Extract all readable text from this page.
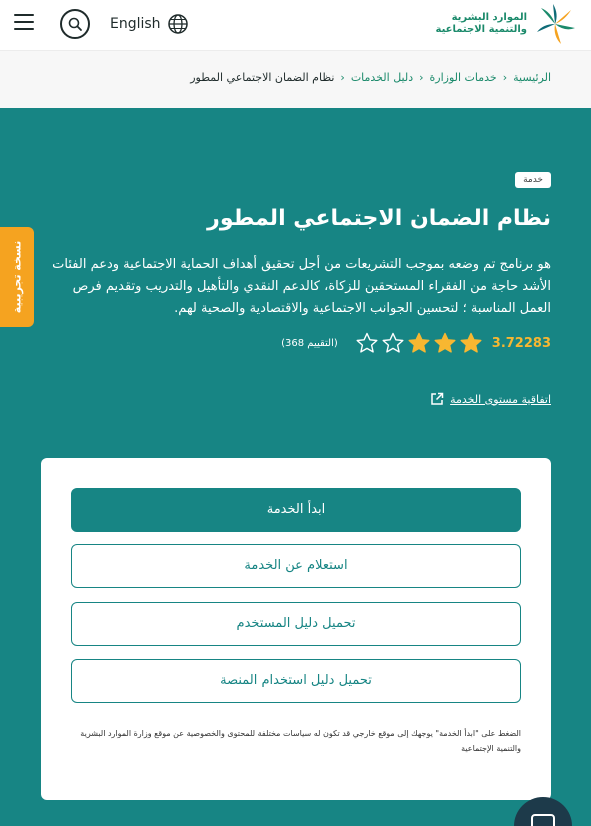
English	الموارد البشرية
والتنمية الاجتماعية
الرئيسية
‹
خدمات الوزارة
‹
دليل الخدمات
‹
نظام الضمان الاجتماعي المطور
خدمة
نظام الضمان الاجتماعي المطور

هو برنامج تم وضعه بموجب التشريعات من أجل تحقيق أهداف الحماية الاجتماعية ودعم الفئات الأشد حاجة من الفقراء المستحقين للزكاة، كالدعم النقدي والتأهيل والتدريب وتقديم فرص العمل المناسبة ؛ لتحسين الجوانب الاجتماعية والاقتصادية والصحية لهم.

3.72283
(التقييم 368)
اتفاقية مستوى الخدمة
نسخة تجريبية
ابدأ الخدمة
استعلام عن الخدمة
تحميل دليل المستخدم
تحميل دليل استخدام المنصة

الضغط على "ابدأ الخدمة" يوجهك إلى موقع خارجي قد تكون له سياسات مختلفة للمحتوى والخصوصية عن موقع وزارة الموارد البشرية والتنمية الإجتماعية
